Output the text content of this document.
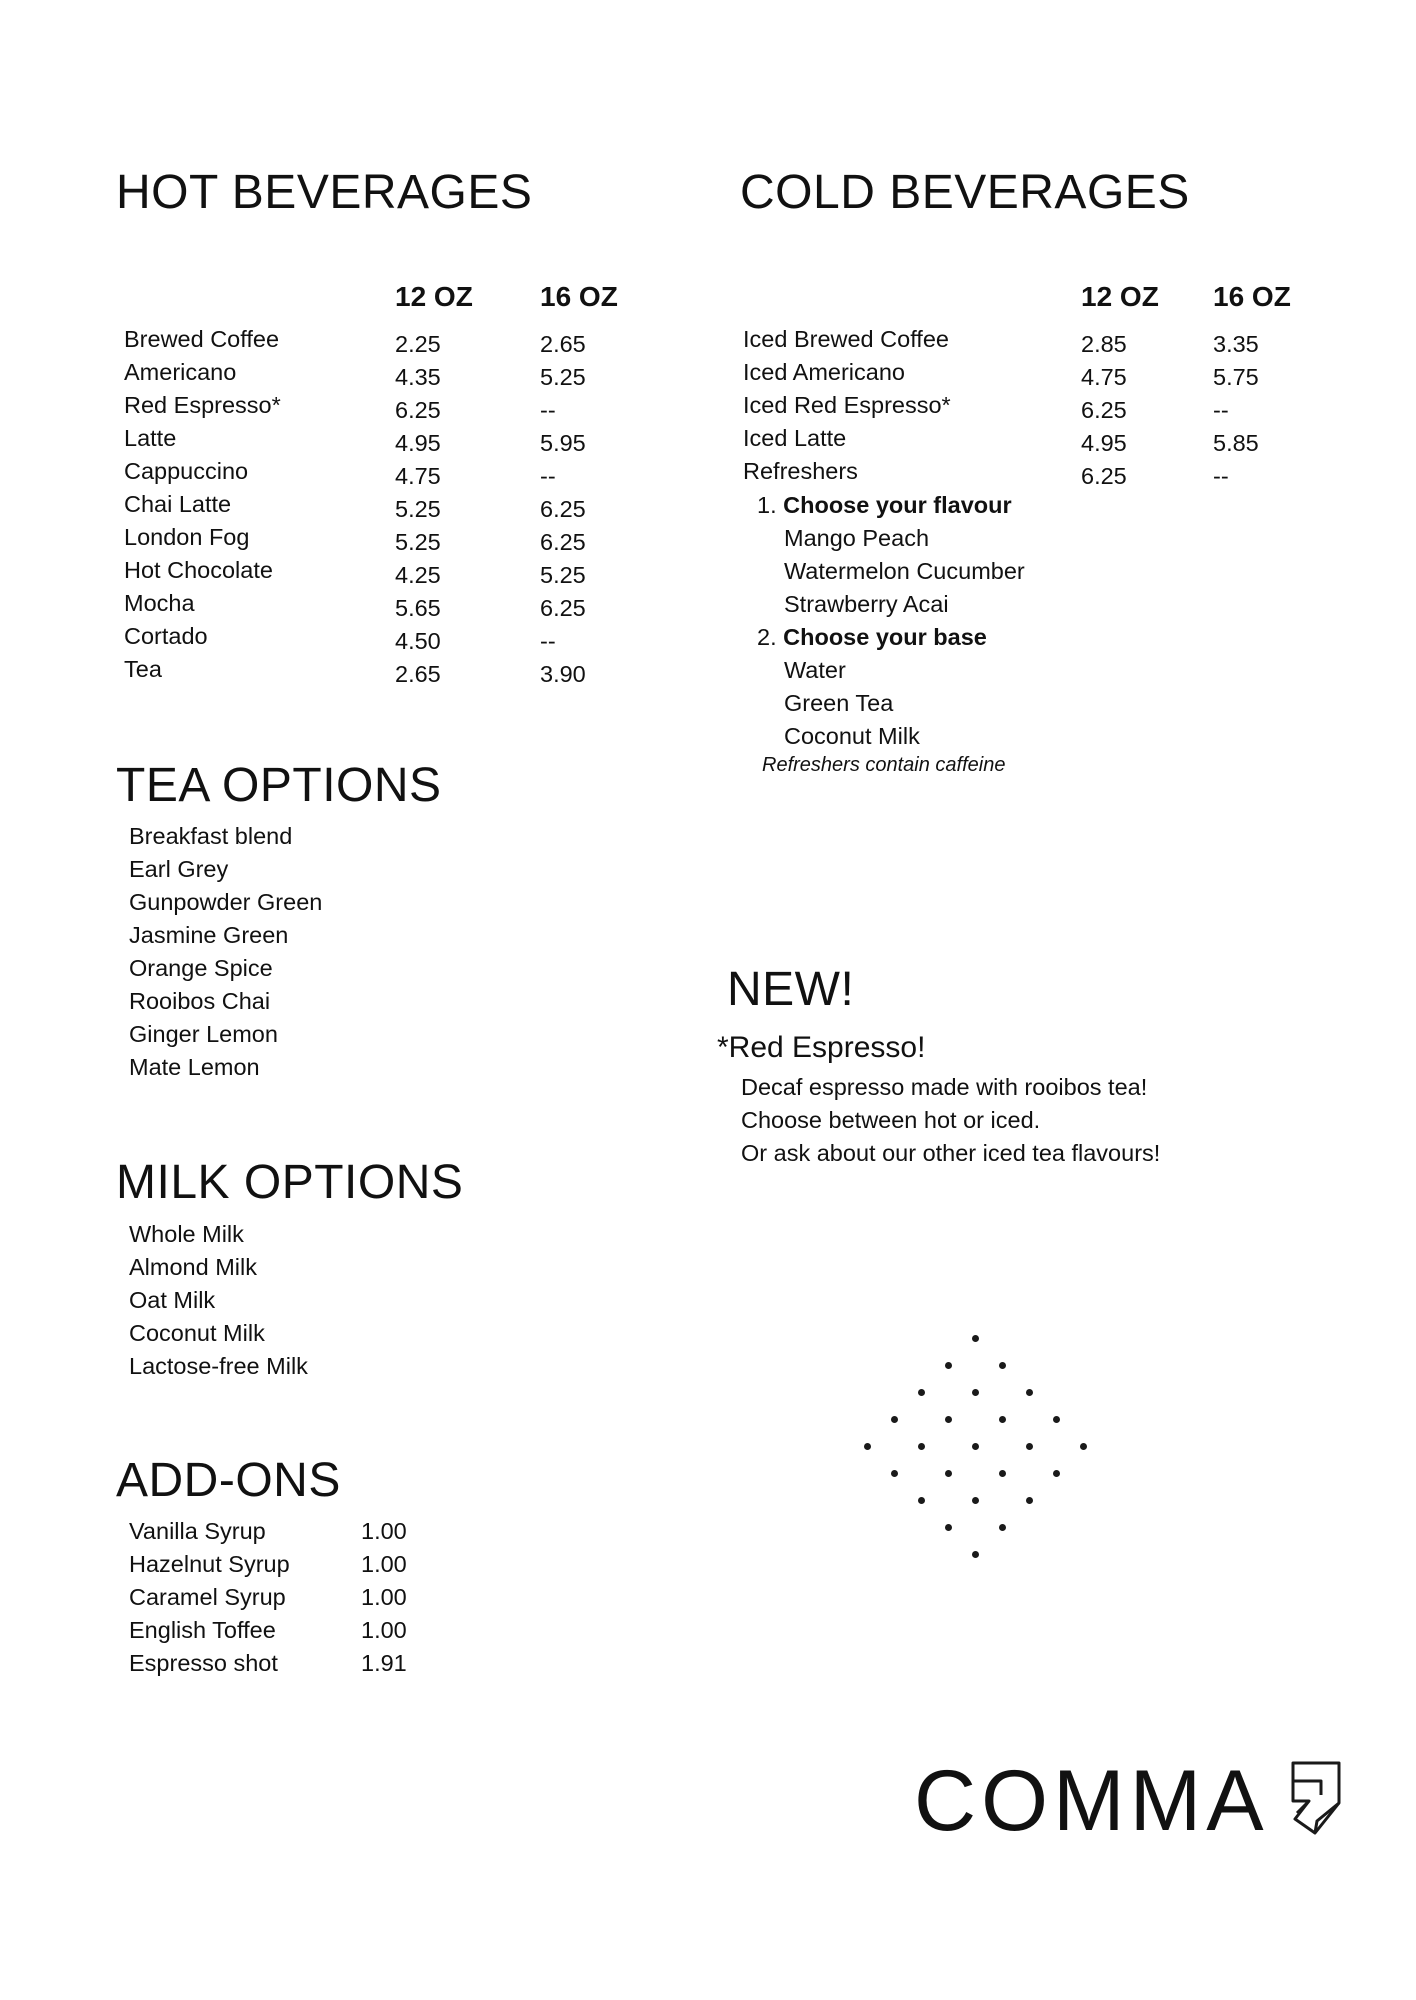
HOT BEVERAGES
12 OZ 16 OZ
Brewed Coffee	2.25	2.65
Americano	4.35	5.25
Red Espresso*	6.25	--
Latte	4.95	5.95
Cappuccino	4.75	--
Chai Latte	5.25	6.25
London Fog	5.25	6.25
Hot Chocolate	4.25	5.25
Mocha	5.65	6.25
Cortado	4.50	--
Tea	2.65	3.90
COLD BEVERAGES
12 OZ 16 OZ
Iced Brewed Coffee	2.85	3.35
Iced Americano	4.75	5.75
Iced Red Espresso*	6.25	--
Iced Latte	4.95	5.85
Refreshers	6.25	--
1. Choose your flavour
Mango Peach
Watermelon Cucumber
Strawberry Acai
2. Choose your base
Water
Green Tea
Coconut Milk
Refreshers contain caffeine
TEA OPTIONS
Breakfast blend
Earl Grey
Gunpowder Green
Jasmine Green
Orange Spice
Rooibos Chai
Ginger Lemon
Mate Lemon
MILK OPTIONS
Whole Milk
Almond Milk
Oat Milk
Coconut Milk
Lactose-free Milk
ADD-ONS
Vanilla Syrup	1.00
Hazelnut Syrup	1.00
Caramel Syrup	1.00
English Toffee	1.00
Espresso shot	1.91
NEW!
*Red Espresso!
Decaf espresso made with rooibos tea!
Choose between hot or iced.
Or ask about our other iced tea flavours!
COMMA
